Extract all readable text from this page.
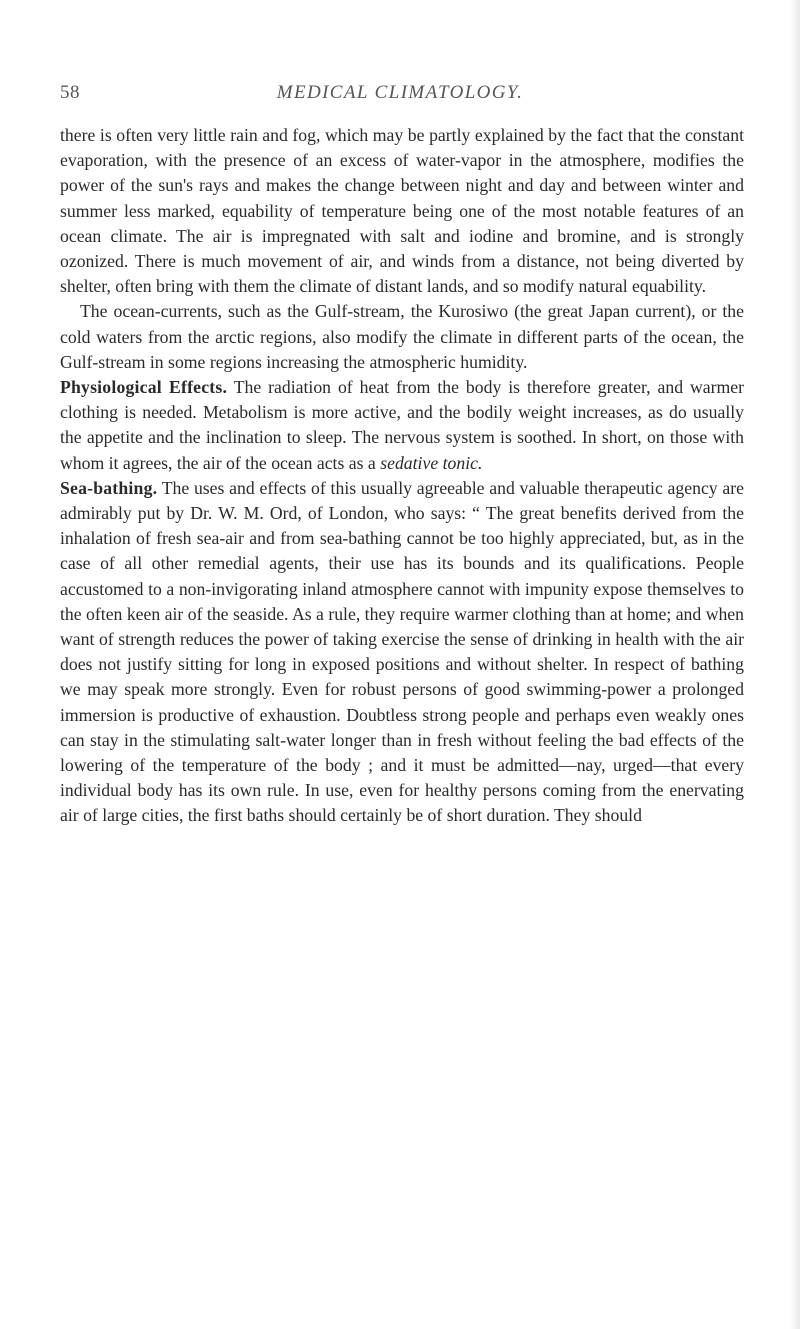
58	MEDICAL CLIMATOLOGY.

there is often very little rain and fog, which may be partly explained by the fact that the constant evaporation, with the presence of an excess of water-vapor in the atmosphere, modifies the power of the sun's rays and makes the change between night and day and between winter and summer less marked, equability of temperature being one of the most notable features of an ocean climate. The air is impregnated with salt and iodine and bromine, and is strongly ozonized. There is much movement of air, and winds from a distance, not being diverted by shelter, often bring with them the climate of distant lands, and so modify natural equability.

The ocean-currents, such as the Gulf-stream, the Kurosiwo (the great Japan current), or the cold waters from the arctic regions, also modify the climate in different parts of the ocean, the Gulf-stream in some regions increasing the atmospheric humidity.

Physiological Effects. The radiation of heat from the body is therefore greater, and warmer clothing is needed. Metabolism is more active, and the bodily weight increases, as do usually the appetite and the inclination to sleep. The nervous system is soothed. In short, on those with whom it agrees, the air of the ocean acts as a sedative tonic.

Sea-bathing. The uses and effects of this usually agreeable and valuable therapeutic agency are admirably put by Dr. W. M. Ord, of London, who says: “ The great benefits derived from the inhalation of fresh sea-air and from sea-bathing cannot be too highly appreciated, but, as in the case of all other remedial agents, their use has its bounds and its qualifications. People accustomed to a non-invigorating inland atmosphere cannot with impunity expose themselves to the often keen air of the seaside. As a rule, they require warmer clothing than at home; and when want of strength reduces the power of taking exercise the sense of drinking in health with the air does not justify sitting for long in exposed positions and without shelter. In respect of bathing we may speak more strongly. Even for robust persons of good swimming-power a prolonged immersion is productive of exhaustion. Doubtless strong people and perhaps even weakly ones can stay in the stimulating salt-water longer than in fresh without feeling the bad effects of the lowering of the temperature of the body ; and it must be admitted—nay, urged—that every individual body has its own rule. In use, even for healthy persons coming from the enervating air of large cities, the first baths should certainly be of short duration. They should
